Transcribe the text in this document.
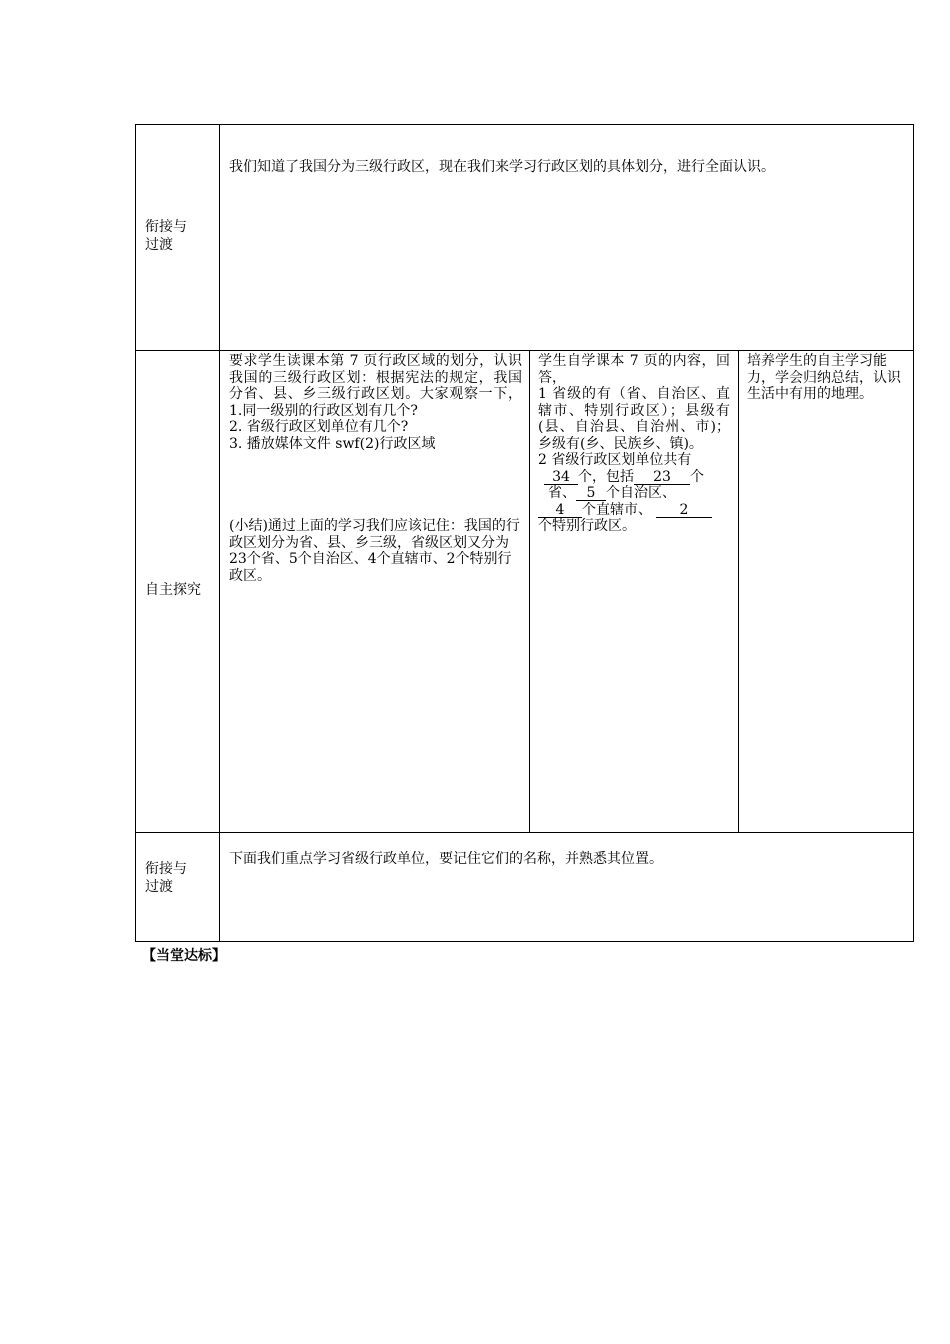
衔接与
过渡
我们知道了我国分为三级行政区，现在我们来学习行政区划的具体划分，进行全面认识。
自主探究
要求学生读课本第 7 页行政区域的划分，认识我国的三级行政区划：根据宪法的规定，我国分省、县、乡三级行政区划。大家观察一下，1.同一级别的行政区划有几个?
2. 省级行政区划单位有几个?
3. 播放媒体文件 swf(2)行政区域
(小结)通过上面的学习我们应该记住：我国的行政区划分为省、县、乡三级，省级区划又分为23个省、5个自治区、4个直辖市、2个特别行政区。
学生自学课本 7 页的内容，回答，
1 省级的有（省、自治区、直辖市、特别行政区）；县级有(县、自治县、自治州、市)；乡级有(乡、民族乡、镇)。
2 省级行政区划单位共有
34 个，包括 23 个
省、 5 个自治区、
4 个直辖市、 2
个特别行政区。
培养学生的自主学习能力，学会归纳总结，认识生活中有用的地理。
衔接与
过渡
下面我们重点学习省级行政单位，要记住它们的名称，并熟悉其位置。
【当堂达标】
